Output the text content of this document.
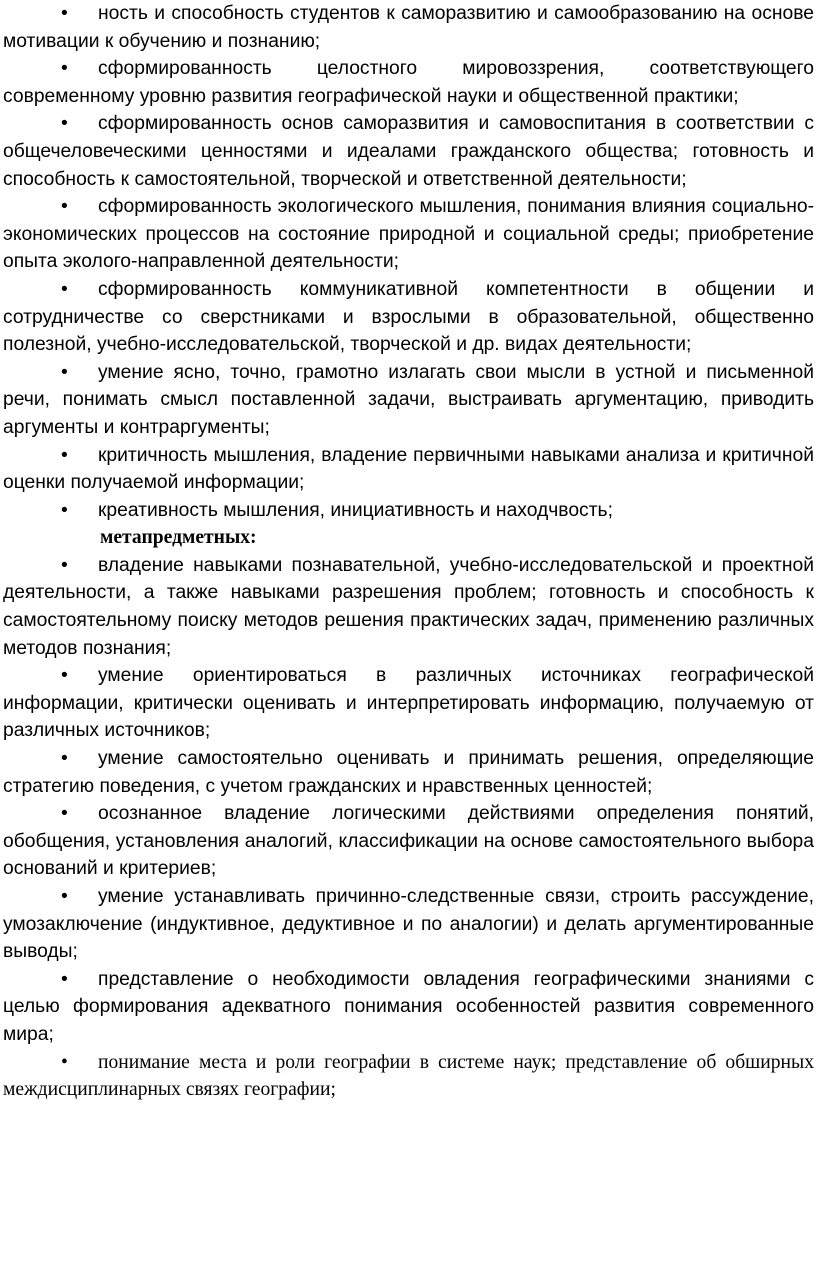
• ность и способность студентов к саморазвитию и самообразованию на основе мотивации к обучению и познанию;

• сформированность целостного мировоззрения, соответствующего современному уровню развития географической науки и общественной практики;

• сформированность основ саморазвития и самовоспитания в соответствии с общечеловеческими ценностями и идеалами гражданского общества; готовность и способность к самостоятельной, творческой и ответственной деятельности;

• сформированность экологического мышления, понимания влияния социально-экономических процессов на состояние природной и социальной среды; приобретение опыта эколого-направленной деятельности;

• сформированность коммуникативной компетентности в общении и сотрудничестве со сверстниками и взрослыми в образовательной, общественно полезной, учебно-исследовательской, творческой и др. видах деятельности;

• умение ясно, точно, грамотно излагать свои мысли в устной и письменной речи, понимать смысл поставленной задачи, выстраивать аргументацию, приводить аргументы и контраргументы;

• критичность мышления, владение первичными навыками анализа и критичной оценки получаемой информации;

• креативность мышления, инициативность и находчвость;

метапредметных:

• владение навыками познавательной, учебно-исследовательской и проектной деятельности, а также навыками разрешения проблем; готовность и способность к самостоятельному поиску методов решения практических задач, применению различных методов познания;

• умение ориентироваться в различных источниках географической информации, критически оценивать и интерпретировать информацию, получаемую от различных источников;

• умение самостоятельно оценивать и принимать решения, определяющие стратегию поведения, с учетом гражданских и нравственных ценностей;

• осознанное владение логическими действиями определения понятий, обобщения, установления аналогий, классификации на основе самостоятельного выбора оснований и критериев;

• умение устанавливать причинно-следственные связи, строить рассуждение, умозаключение (индуктивное, дедуктивное и по аналогии) и делать аргументированные выводы;

• представление о необходимости овладения географическими знаниями с целью формирования адекватного понимания особенностей развития современного мира;

• понимание места и роли географии в системе наук; представление об обширных междисциплинарных связях географии;
